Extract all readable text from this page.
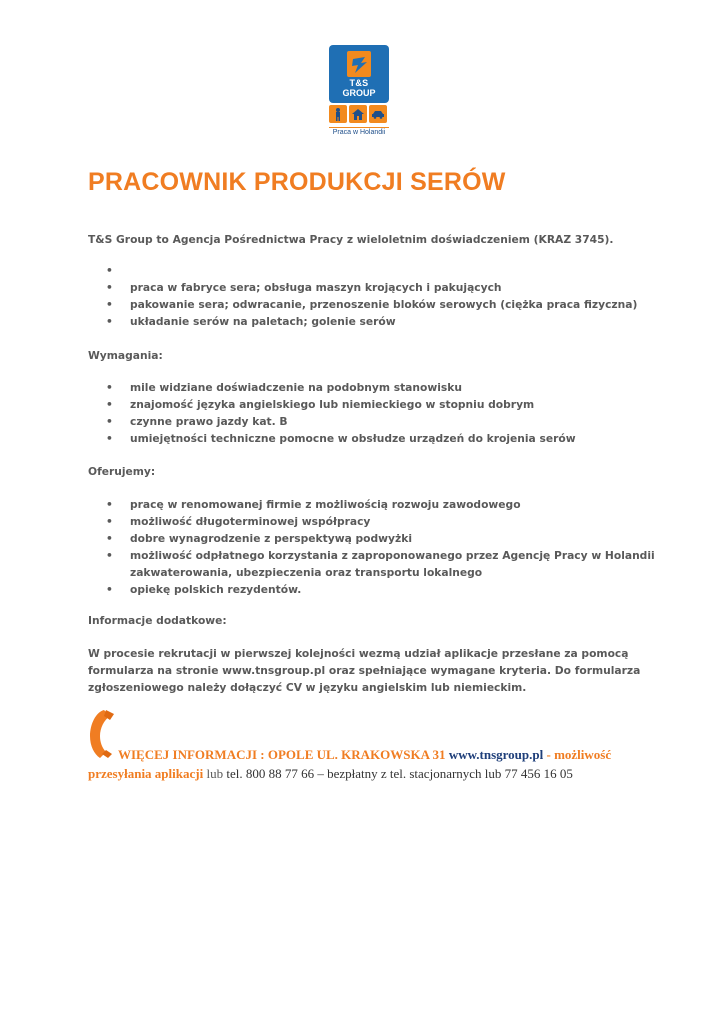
T&S
GROUP
Praca w Holandii
PRACOWNIK PRODUKCJI SERÓW
T&S Group to Agencja Pośrednictwa Pracy z wieloletnim doświadczeniem (KRAZ 3745).
•
• praca w fabryce sera; obsługa maszyn krojących i pakujących
• pakowanie sera; odwracanie, przenoszenie bloków serowych (ciężka praca fizyczna)
• układanie serów na paletach; golenie serów
Wymagania:
• mile widziane doświadczenie na podobnym stanowisku
• znajomość języka angielskiego lub niemieckiego w stopniu dobrym
• czynne prawo jazdy kat. B
• umiejętności techniczne pomocne w obsłudze urządzeń do krojenia serów
Oferujemy:
• pracę w renomowanej firmie z możliwością rozwoju zawodowego
• możliwość długoterminowej współpracy
• dobre wynagrodzenie z perspektywą podwyżki
• możliwość odpłatnego korzystania z zaproponowanego przez Agencję Pracy w Holandii
zakwaterowania, ubezpieczenia oraz transportu lokalnego
• opiekę polskich rezydentów.
Informacje dodatkowe:
W procesie rekrutacji w pierwszej kolejności wezmą udział aplikacje przesłane za pomocą
formularza na stronie www.tnsgroup.pl oraz spełniające wymagane kryteria. Do formularza
zgłoszeniowego należy dołączyć CV w języku angielskim lub niemieckim.
WIĘCEJ INFORMACJI : OPOLE UL. KRAKOWSKA 31 www.tnsgroup.pl - możliwość
przesyłania aplikacji lub tel. 800 88 77 66 – bezpłatny z tel. stacjonarnych lub 77 456 16 05
